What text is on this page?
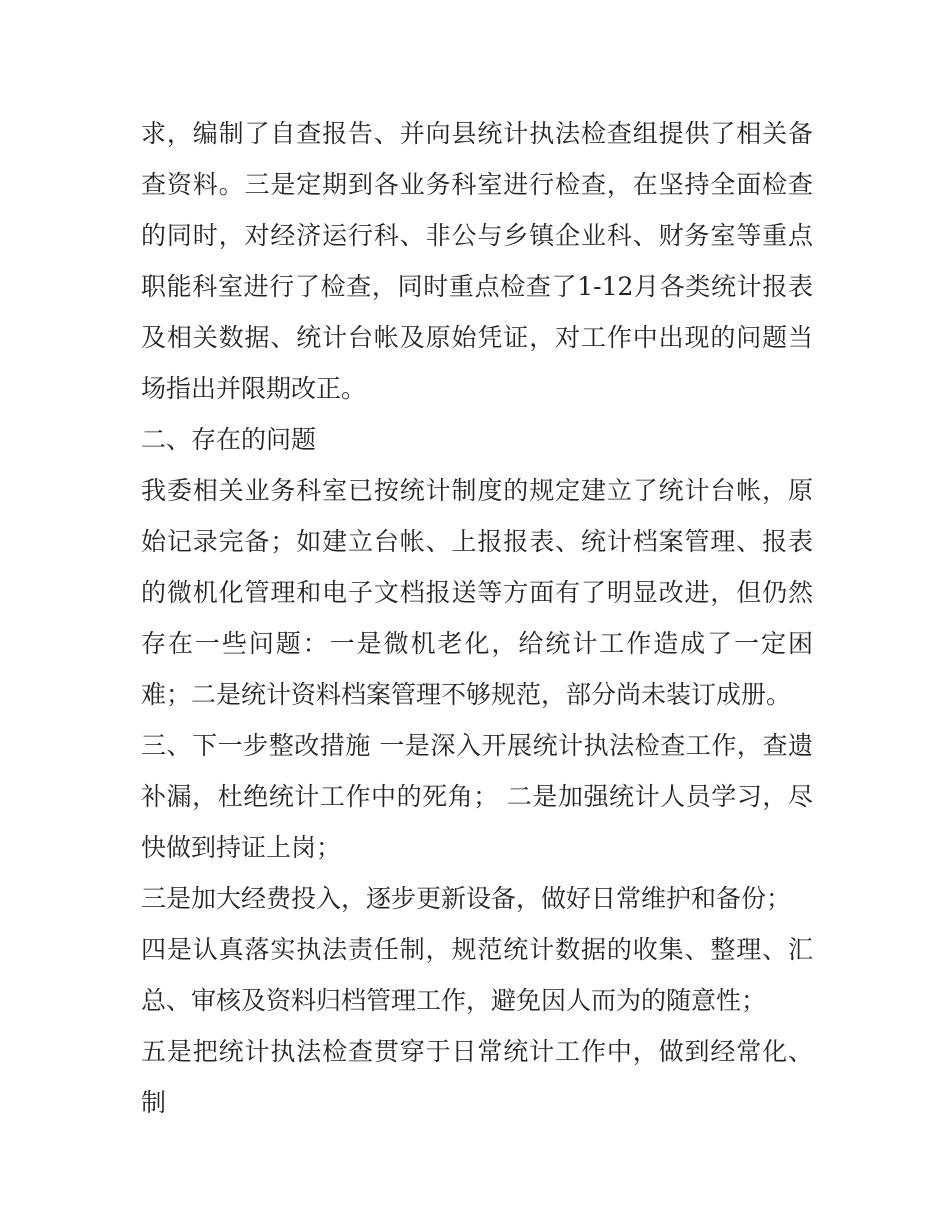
求，编制了自查报告、并向县统计执法检查组提供了相关备查资料。三是定期到各业务科室进行检查，在坚持全面检查的同时，对经济运行科、非公与乡镇企业科、财务室等重点职能科室进行了检查，同时重点检查了1-12月各类统计报表及相关数据、统计台帐及原始凭证，对工作中出现的问题当场指出并限期改正。

二、存在的问题

我委相关业务科室已按统计制度的规定建立了统计台帐，原始记录完备；如建立台帐、上报报表、统计档案管理、报表的微机化管理和电子文档报送等方面有了明显改进，但仍然存在一些问题：一是微机老化，给统计工作造成了一定困难；二是统计资料档案管理不够规范，部分尚未装订成册。

三、下一步整改措施 一是深入开展统计执法检查工作，查遗补漏，杜绝统计工作中的死角； 二是加强统计人员学习，尽快做到持证上岗；

三是加大经费投入，逐步更新设备，做好日常维护和备份；

四是认真落实执法责任制，规范统计数据的收集、整理、汇总、审核及资料归档管理工作，避免因人而为的随意性；

五是把统计执法检查贯穿于日常统计工作中，做到经常化、制
